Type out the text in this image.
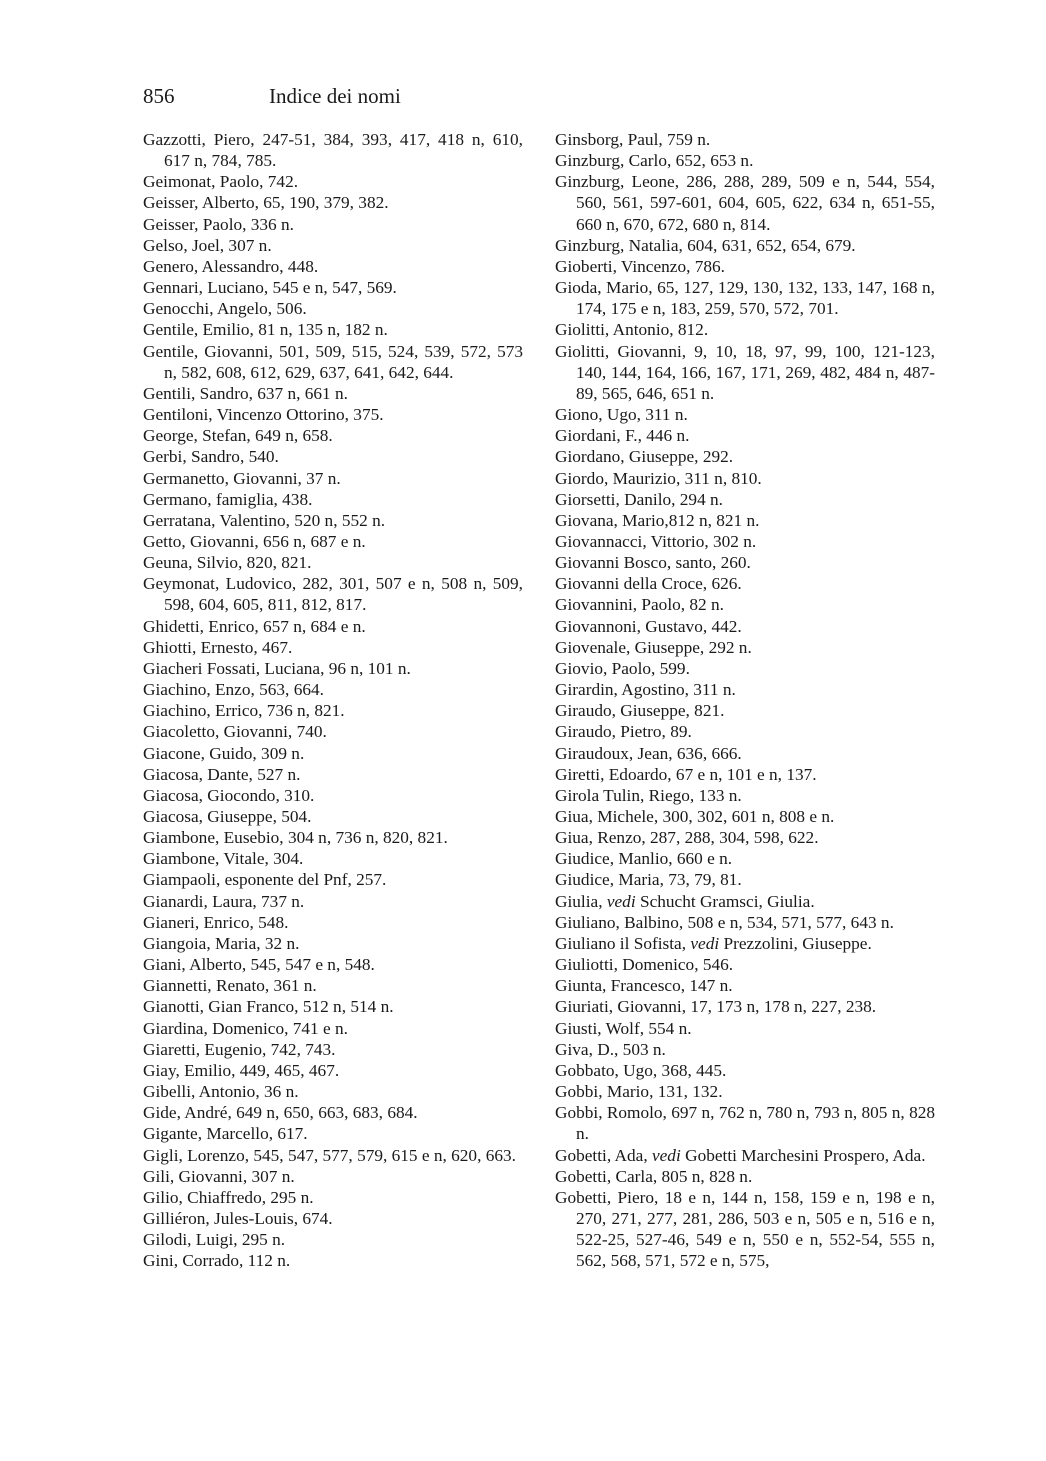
856	Indice dei nomi
Gazzotti, Piero, 247-51, 384, 393, 417, 418 n, 610, 617 n, 784, 785.
Geimonat, Paolo, 742.
Geisser, Alberto, 65, 190, 379, 382.
Geisser, Paolo, 336 n.
Gelso, Joel, 307 n.
Genero, Alessandro, 448.
Gennari, Luciano, 545 e n, 547, 569.
Genocchi, Angelo, 506.
Gentile, Emilio, 81 n, 135 n, 182 n.
Gentile, Giovanni, 501, 509, 515, 524, 539, 572, 573 n, 582, 608, 612, 629, 637, 641, 642, 644.
Gentili, Sandro, 637 n, 661 n.
Gentiloni, Vincenzo Ottorino, 375.
George, Stefan, 649 n, 658.
Gerbi, Sandro, 540.
Germanetto, Giovanni, 37 n.
Germano, famiglia, 438.
Gerratana, Valentino, 520 n, 552 n.
Getto, Giovanni, 656 n, 687 e n.
Geuna, Silvio, 820, 821.
Geymonat, Ludovico, 282, 301, 507 e n, 508 n, 509, 598, 604, 605, 811, 812, 817.
Ghidetti, Enrico, 657 n, 684 e n.
Ghiotti, Ernesto, 467.
Giacheri Fossati, Luciana, 96 n, 101 n.
Giachino, Enzo, 563, 664.
Giachino, Errico, 736 n, 821.
Giacoletto, Giovanni, 740.
Giacone, Guido, 309 n.
Giacosa, Dante, 527 n.
Giacosa, Giocondo, 310.
Giacosa, Giuseppe, 504.
Giambone, Eusebio, 304 n, 736 n, 820, 821.
Giambone, Vitale, 304.
Giampaoli, esponente del Pnf, 257.
Gianardi, Laura, 737 n.
Gianeri, Enrico, 548.
Giangoia, Maria, 32 n.
Giani, Alberto, 545, 547 e n, 548.
Giannetti, Renato, 361 n.
Gianotti, Gian Franco, 512 n, 514 n.
Giardina, Domenico, 741 e n.
Giaretti, Eugenio, 742, 743.
Giay, Emilio, 449, 465, 467.
Gibelli, Antonio, 36 n.
Gide, André, 649 n, 650, 663, 683, 684.
Gigante, Marcello, 617.
Gigli, Lorenzo, 545, 547, 577, 579, 615 e n, 620, 663.
Gili, Giovanni, 307 n.
Gilio, Chiaffredo, 295 n.
Gilliéron, Jules-Louis, 674.
Gilodi, Luigi, 295 n.
Gini, Corrado, 112 n.
Ginsborg, Paul, 759 n.
Ginzburg, Carlo, 652, 653 n.
Ginzburg, Leone, 286, 288, 289, 509 e n, 544, 554, 560, 561, 597-601, 604, 605, 622, 634 n, 651-55, 660 n, 670, 672, 680 n, 814.
Ginzburg, Natalia, 604, 631, 652, 654, 679.
Gioberti, Vincenzo, 786.
Gioda, Mario, 65, 127, 129, 130, 132, 133, 147, 168 n, 174, 175 e n, 183, 259, 570, 572, 701.
Giolitti, Antonio, 812.
Giolitti, Giovanni, 9, 10, 18, 97, 99, 100, 121-123, 140, 144, 164, 166, 167, 171, 269, 482, 484 n, 487-89, 565, 646, 651 n.
Giono, Ugo, 311 n.
Giordani, F., 446 n.
Giordano, Giuseppe, 292.
Giordo, Maurizio, 311 n, 810.
Giorsetti, Danilo, 294 n.
Giovana, Mario,812 n, 821 n.
Giovannacci, Vittorio, 302 n.
Giovanni Bosco, santo, 260.
Giovanni della Croce, 626.
Giovannini, Paolo, 82 n.
Giovannoni, Gustavo, 442.
Giovenale, Giuseppe, 292 n.
Giovio, Paolo, 599.
Girardin, Agostino, 311 n.
Giraudo, Giuseppe, 821.
Giraudo, Pietro, 89.
Giraudoux, Jean, 636, 666.
Giretti, Edoardo, 67 e n, 101 e n, 137.
Girola Tulin, Riego, 133 n.
Giua, Michele, 300, 302, 601 n, 808 e n.
Giua, Renzo, 287, 288, 304, 598, 622.
Giudice, Manlio, 660 e n.
Giudice, Maria, 73, 79, 81.
Giulia, vedi Schucht Gramsci, Giulia.
Giuliano, Balbino, 508 e n, 534, 571, 577, 643 n.
Giuliano il Sofista, vedi Prezzolini, Giuseppe.
Giuliotti, Domenico, 546.
Giunta, Francesco, 147 n.
Giuriati, Giovanni, 17, 173 n, 178 n, 227, 238.
Giusti, Wolf, 554 n.
Giva, D., 503 n.
Gobbato, Ugo, 368, 445.
Gobbi, Mario, 131, 132.
Gobbi, Romolo, 697 n, 762 n, 780 n, 793 n, 805 n, 828 n.
Gobetti, Ada, vedi Gobetti Marchesini Prospero, Ada.
Gobetti, Carla, 805 n, 828 n.
Gobetti, Piero, 18 e n, 144 n, 158, 159 e n, 198 e n, 270, 271, 277, 281, 286, 503 e n, 505 e n, 516 e n, 522-25, 527-46, 549 e n, 550 e n, 552-54, 555 n, 562, 568, 571, 572 e n, 575,
